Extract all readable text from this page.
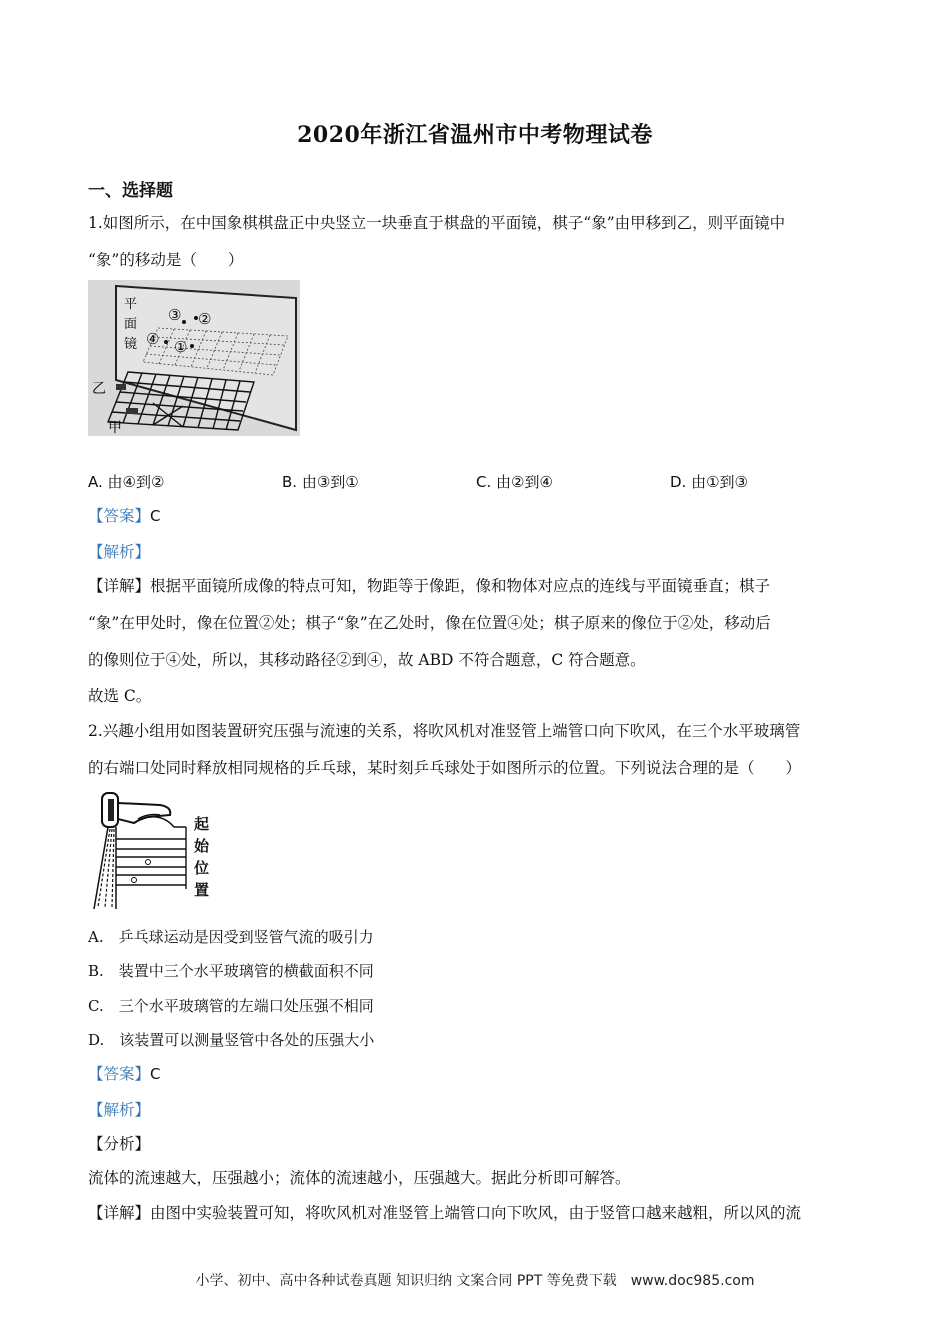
2020年浙江省温州市中考物理试卷
一、选择题
1.如图所示，在中国象棋棋盘正中央竖立一块垂直于棋盘的平面镜，棋子“象”由甲移到乙，则平面镜中
“象”的移动是（　　）
平
面
镜
③ ②
④ ①
乙
甲
A. 由④到②	B. 由③到①	C. 由②到④	D. 由①到③
【答案】C
【解析】
【详解】根据平面镜所成像的特点可知，物距等于像距，像和物体对应点的连线与平面镜垂直；棋子
“象”在甲处时，像在位置②处；棋子“象”在乙处时，像在位置④处；棋子原来的像位于②处，移动后
的像则位于④处，所以，其移动路径②到④，故 ABD 不符合题意，C 符合题意。
故选 C。
2.兴趣小组用如图装置研究压强与流速的关系，将吹风机对准竖管上端管口向下吹风，在三个水平玻璃管
的右端口处同时释放相同规格的乒乓球，某时刻乒乓球处于如图所示的位置。下列说法合理的是（　　）
起
始
位
置
A.　乒乓球运动是因受到竖管气流的吸引力
B.　装置中三个水平玻璃管的横截面积不同
C.　三个水平玻璃管的左端口处压强不相同
D.　该装置可以测量竖管中各处的压强大小
【答案】C
【解析】
【分析】
流体的流速越大，压强越小；流体的流速越小，压强越大。据此分析即可解答。
【详解】由图中实验装置可知，将吹风机对准竖管上端管口向下吹风，由于竖管口越来越粗，所以风的流
小学、初中、高中各种试卷真题 知识归纳 文案合同 PPT 等免费下载　www.doc985.com
